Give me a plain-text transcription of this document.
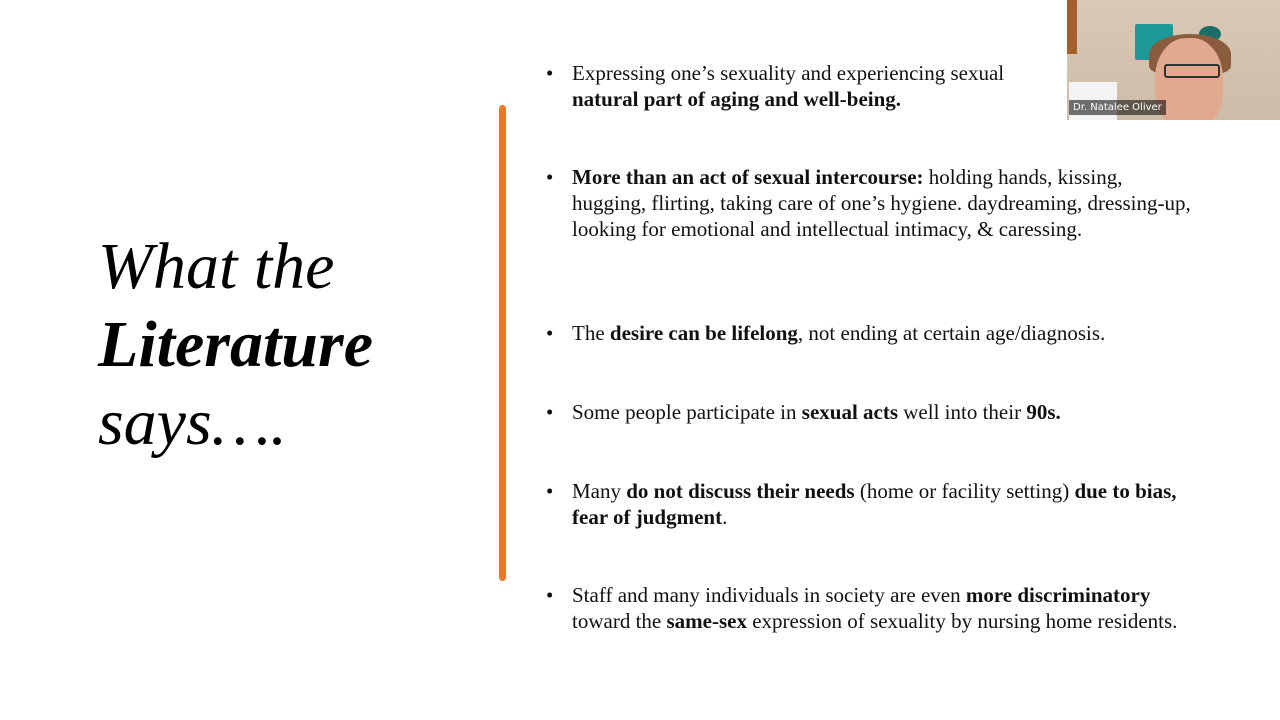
What the
Literature
says….
• Expressing one’s sexuality and experiencing sexual
natural part of aging and well-being.
• More than an act of sexual intercourse: holding hands, kissing, hugging, flirting, taking care of one’s hygiene. daydreaming, dressing-up, looking for emotional and intellectual intimacy, & caressing.
• The desire can be lifelong, not ending at certain age/diagnosis.
• Some people participate in sexual acts well into their 90s.
• Many do not discuss their needs (home or facility setting) due to bias, fear of judgment.
• Staff and many individuals in society are even more discriminatory toward the same-sex expression of sexuality by nursing home residents.
Dr. Natalee Oliver
